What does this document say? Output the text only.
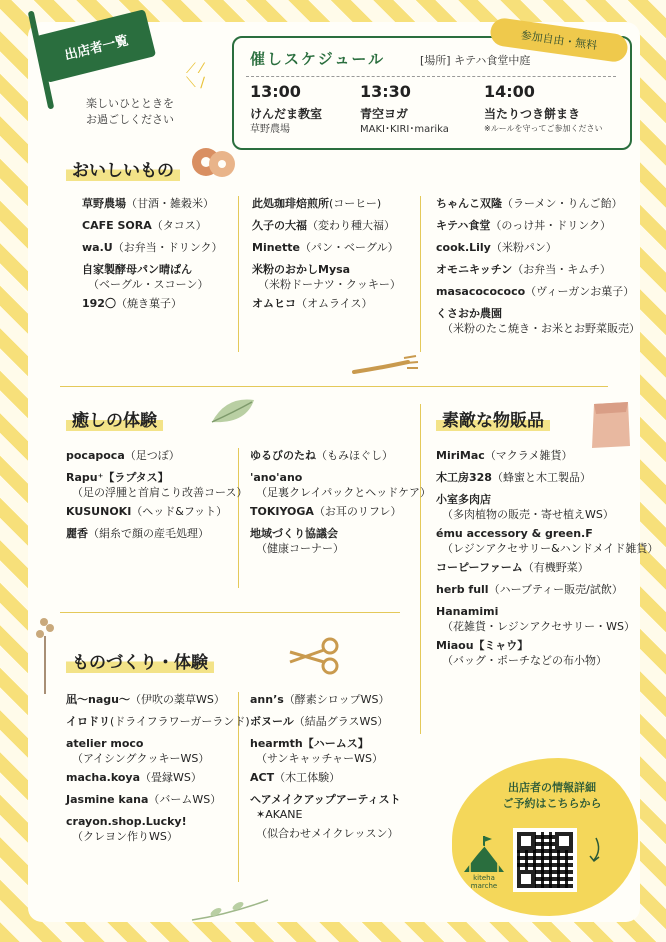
出店者一覧
楽しいひとときを
お過ごしください
⟋ ⁄
⟍ ∕
催しスケジュール	[場所] キテハ食堂中庭
13:00
けんだま教室
草野農場
13:30
青空ヨガ
MAKI･KIRI･marika
14:00
当たりつき餅まき
※ルールを守ってご参加ください
参加自由・無料
おいしいもの
癒しの体験	素敵な物販品
ものづくり・体験
出店者の情報詳細
ご予約はこちらから
kiteha
marche
草野農場（甘酒・雑穀米）
CAFE SORA（タコス）
wa.U（お弁当・ドリンク）
自家製酵母パン晴ぱん
（ベーグル・スコーン）
192〇（焼き菓子）
此処珈琲焙煎所(コーヒー)
久子の大福（変わり種大福）
Minette（パン・ベーグル）
米粉のおかしMysa
（米粉ドーナツ・クッキー）
オムヒコ（オムライス）
ちゃんこ双隆（ラーメン・りんご飴）
キテハ食堂（のっけ丼・ドリンク）
cook.Lily（米粉パン）
オモニキッチン（お弁当・キムチ）
masacocococo（ヴィーガンお菓子）
くさおか農園
（米粉のたこ焼き・お米とお野菜販売）
pocapoca（足つぼ）
Rapu⁺【ラプタス】
（足の浮腫と首肩こり改善コース）
KUSUNOKI（ヘッド&フット）
麗香（絹糸で顔の産毛処理）
ゆるびのたね（もみほぐし）
'ano'ano
（足裏クレイパックとヘッドケア）
TOKIYOGA（お耳のリフレ）
地域づくり協議会
（健康コーナー）
MiriMac（マクラメ雑貨）
木工房328（蜂蜜と木工製品）
小室多肉店
（多肉植物の販売・寄せ植えWS）
ému accessory & green.F
（レジンアクセサリー&ハンドメイド雑貨）
コーピーファーム（有機野菜）
herb full（ハーブティー販売/試飲）
Hanamimi
（花雑貨・レジンアクセサリー・WS）
Miaou【ミャウ】
（バッグ・ポーチなどの布小物）
凪〜nagu〜（伊吹の薬草WS）
イロドリ(ドライフラワーガーランド)
atelier moco
（アイシングクッキーWS）
macha.koya（畳縁WS）
Jasmine kana（バームWS）
crayon.shop.Lucky!
（クレヨン作りWS）
ann’s（酵素シロップWS）
ボヌール（結晶グラスWS）
hearmth【ハームス】
（サンキャッチャーWS）
ACT（木工体験）
ヘアメイクアップアーティスト
✶AKANE
（似合わせメイクレッスン）
